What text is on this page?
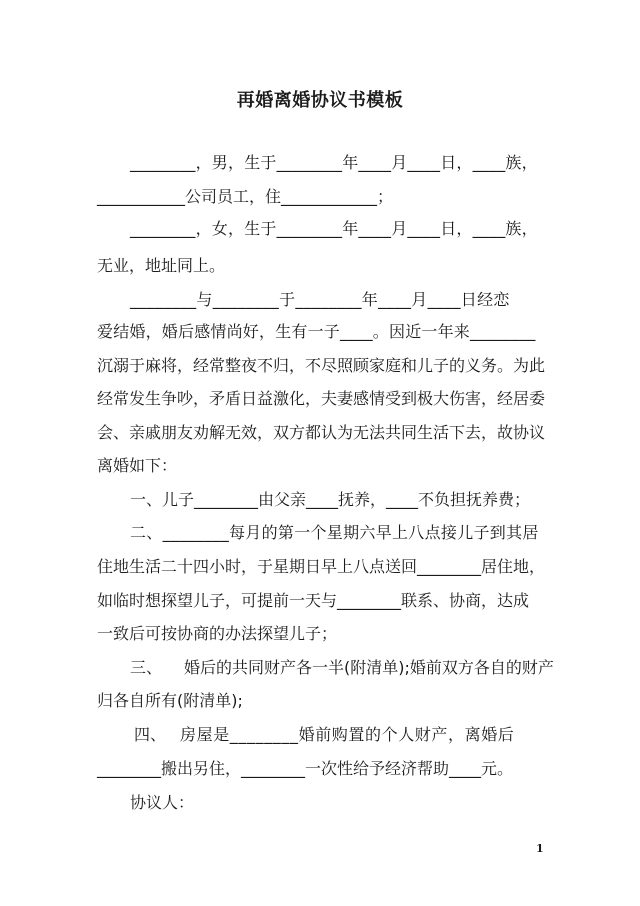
再婚离婚协议书模板
________，男，生于________年____月____日，____族，
___________公司员工，住____________；
________，女，生于________年____月____日，____族，
无业，地址同上。
________与________于________年____月____日经恋
爱结婚，婚后感情尚好，生有一子____。因近一年来________
沉溺于麻将，经常整夜不归，不尽照顾家庭和儿子的义务。为此
经常发生争吵，矛盾日益激化，夫妻感情受到极大伤害，经居委
会、亲戚朋友劝解无效，双方都认为无法共同生活下去，故协议
离婚如下：
一、儿子________由父亲____抚养，____不负担抚养费；
二、________每月的第一个星期六早上八点接儿子到其居
住地生活二十四小时，于星期日早上八点送回________居住地，
如临时想探望儿子，可提前一天与________联系、协商，达成
一致后可按协商的办法探望儿子；
三、 婚后的共同财产各一半(附清单);婚前双方各自的财产
归各自所有(附清单);
四、 房屋是________婚前购置的个人财产，离婚后
________搬出另住，________一次性给予经济帮助____元。
协议人：
1
